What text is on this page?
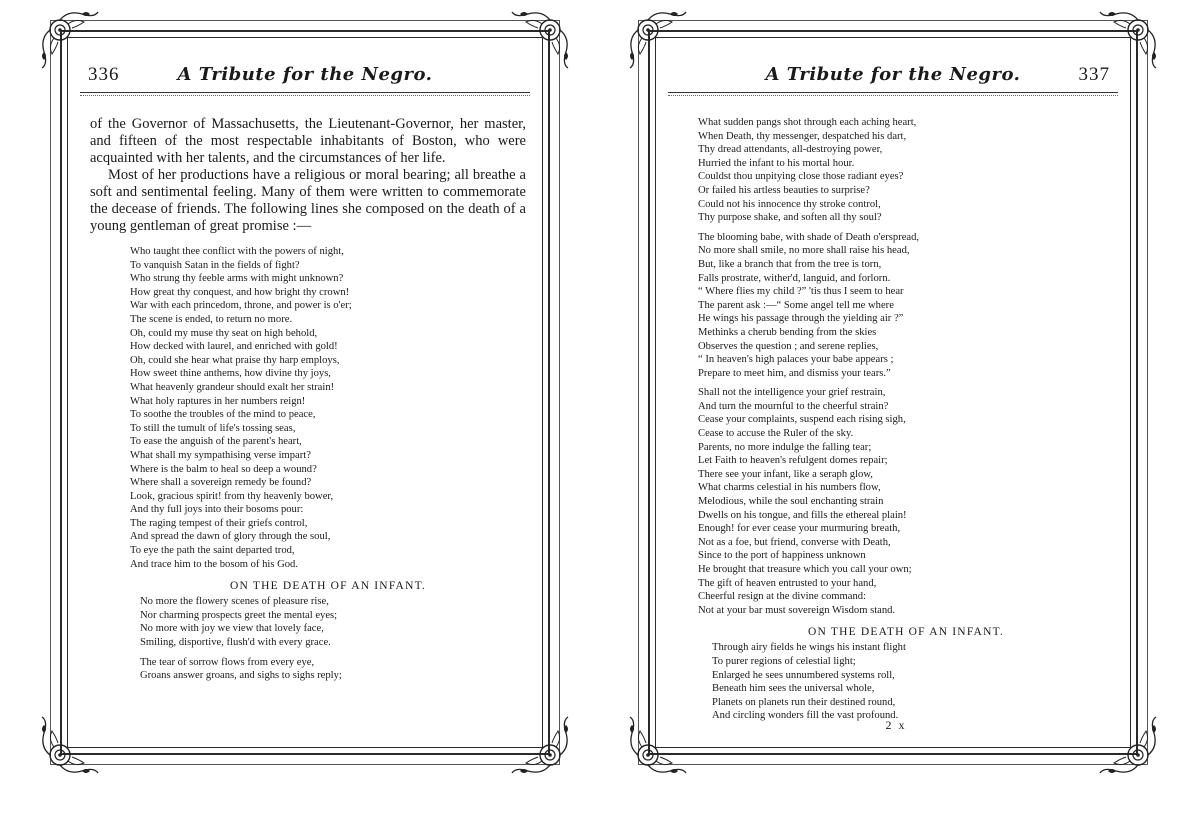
336	A Tribute for the Negro.

of the Governor of Massachusetts, the Lieutenant-Governor, her master, and fifteen of the most respectable inhabitants of Boston, who were acquainted with her talents, and the circumstances of her life.

Most of her productions have a religious or moral bearing; all breathe a soft and sentimental feeling. Many of them were written to commemorate the decease of friends. The following lines she composed on the death of a young gentleman of great promise :—

Who taught thee conflict with the powers of night,
To vanquish Satan in the fields of fight?
Who strung thy feeble arms with might unknown?
How great thy conquest, and how bright thy crown!
War with each princedom, throne, and power is o'er;
The scene is ended, to return no more.
Oh, could my muse thy seat on high behold,
How decked with laurel, and enriched with gold!
Oh, could she hear what praise thy harp employs,
How sweet thine anthems, how divine thy joys,
What heavenly grandeur should exalt her strain!
What holy raptures in her numbers reign!
To soothe the troubles of the mind to peace,
To still the tumult of life's tossing seas,
To ease the anguish of the parent's heart,
What shall my sympathising verse impart?
Where is the balm to heal so deep a wound?
Where shall a sovereign remedy be found?
Look, gracious spirit! from thy heavenly bower,
And thy full joys into their bosoms pour:
The raging tempest of their griefs control,
And spread the dawn of glory through the soul,
To eye the path the saint departed trod,
And trace him to the bosom of his God.
ON THE DEATH OF AN INFANT.
No more the flowery scenes of pleasure rise,
Nor charming prospects greet the mental eyes;
No more with joy we view that lovely face,
Smiling, disportive, flush'd with every grace.
The tear of sorrow flows from every eye,
Groans answer groans, and sighs to sighs reply;
A Tribute for the Negro.	337
What sudden pangs shot through each aching heart,
When Death, thy messenger, despatched his dart,
Thy dread attendants, all-destroying power,
Hurried the infant to his mortal hour.
Couldst thou unpitying close those radiant eyes?
Or failed his artless beauties to surprise?
Could not his innocence thy stroke control,
Thy purpose shake, and soften all thy soul?
The blooming babe, with shade of Death o'erspread,
No more shall smile, no more shall raise his head,
But, like a branch that from the tree is torn,
Falls prostrate, wither'd, languid, and forlorn.
“ Where flies my child ?” 'tis thus I seem to hear
The parent ask :—“ Some angel tell me where
He wings his passage through the yielding air ?”
Methinks a cherub bending from the skies
Observes the question ; and serene replies,
“ In heaven's high palaces your babe appears ;
Prepare to meet him, and dismiss your tears.”
Shall not the intelligence your grief restrain,
And turn the mournful to the cheerful strain?
Cease your complaints, suspend each rising sigh,
Cease to accuse the Ruler of the sky.
Parents, no more indulge the falling tear;
Let Faith to heaven's refulgent domes repair;
There see your infant, like a seraph glow,
What charms celestial in his numbers flow,
Melodious, while the soul enchanting strain
Dwells on his tongue, and fills the ethereal plain!
Enough! for ever cease your murmuring breath,
Not as a foe, but friend, converse with Death,
Since to the port of happiness unknown
He brought that treasure which you call your own;
The gift of heaven entrusted to your hand,
Cheerful resign at the divine command:
Not at your bar must sovereign Wisdom stand.
ON THE DEATH OF AN INFANT.
Through airy fields he wings his instant flight
To purer regions of celestial light;
Enlarged he sees unnumbered systems roll,
Beneath him sees the universal whole,
Planets on planets run their destined round,
And circling wonders fill the vast profound.
2 x
